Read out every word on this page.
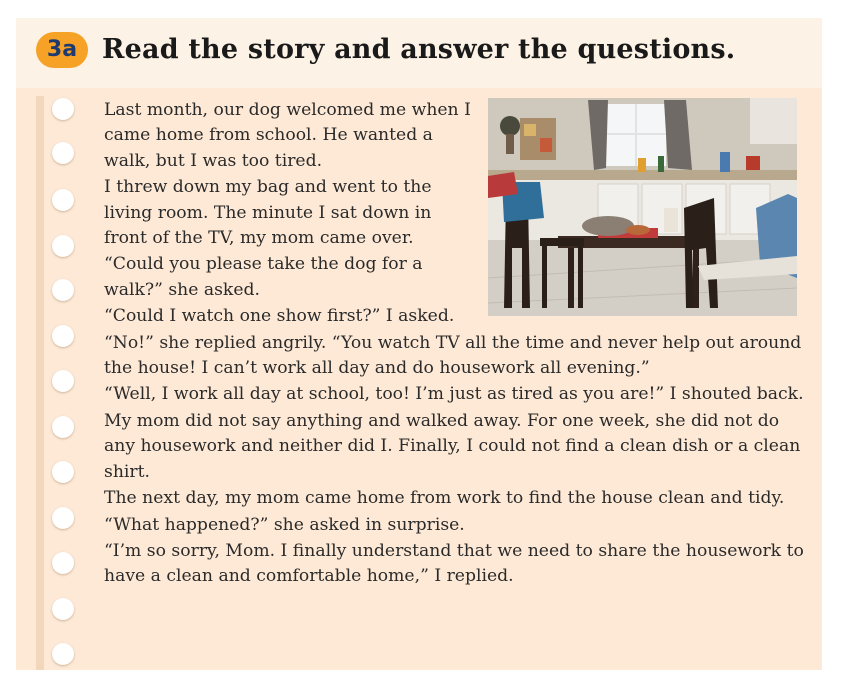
3a Read the story and answer the questions.

Last month, our dog welcomed me when I came home from school. He wanted a walk, but I was too tired.

I threw down my bag and went to the living room. The minute I sat down in front of the TV, my mom came over.

“Could you please take the dog for a walk?” she asked.

“Could I watch one show first?” I asked.

“No!” she replied angrily. “You watch TV all the time and never help out around the house! I can’t work all day and do housework all evening.”

“Well, I work all day at school, too! I’m just as tired as you are!” I shouted back.

My mom did not say anything and walked away. For one week, she did not do any housework and neither did I. Finally, I could not find a clean dish or a clean shirt.

The next day, my mom came home from work to find the house clean and tidy.

“What happened?” she asked in surprise.

“I’m so sorry, Mom. I finally understand that we need to share the housework to have a clean and comfortable home,” I replied.
